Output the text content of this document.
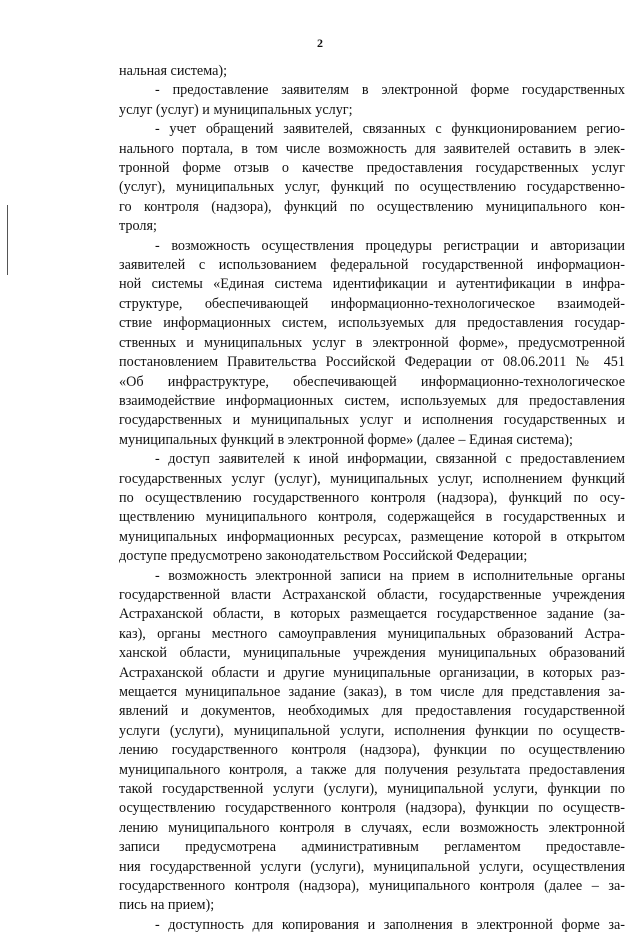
2
нальная система);
- предоставление заявителям в электронной форме государственных
услуг (услуг) и муниципальных услуг;
- учет обращений заявителей, связанных с функционированием регио-
нального портала, в том числе возможность для заявителей оставить в элек-
тронной форме отзыв о качестве предоставления государственных услуг
(услуг), муниципальных услуг, функций по осуществлению государственно-
го контроля (надзора), функций по осуществлению муниципального кон-
троля;
- возможность осуществления процедуры регистрации и авторизации
заявителей с использованием федеральной государственной информацион-
ной системы «Единая система идентификации и аутентификации в инфра-
структуре, обеспечивающей информационно-технологическое взаимодей-
ствие информационных систем, используемых для предоставления государ-
ственных и муниципальных услуг в электронной форме», предусмотренной
постановлением Правительства Российской Федерации от 08.06.2011 № 451
«Об инфраструктуре, обеспечивающей информационно-технологическое
взаимодействие информационных систем, используемых для предоставления
государственных и муниципальных услуг и исполнения государственных и
муниципальных функций в электронной форме» (далее – Единая система);
- доступ заявителей к иной информации, связанной с предоставлением
государственных услуг (услуг), муниципальных услуг, исполнением функций
по осуществлению государственного контроля (надзора), функций по осу-
ществлению муниципального контроля, содержащейся в государственных и
муниципальных информационных ресурсах, размещение которой в открытом
доступе предусмотрено законодательством Российской Федерации;
- возможность электронной записи на прием в исполнительные органы
государственной власти Астраханской области, государственные учреждения
Астраханской области, в которых размещается государственное задание (за-
каз), органы местного самоуправления муниципальных образований Астра-
ханской области, муниципальные учреждения муниципальных образований
Астраханской области и другие муниципальные организации, в которых раз-
мещается муниципальное задание (заказ), в том числе для представления за-
явлений и документов, необходимых для предоставления государственной
услуги (услуги), муниципальной услуги, исполнения функции по осуществ-
лению государственного контроля (надзора), функции по осуществлению
муниципального контроля, а также для получения результата предоставления
такой государственной услуги (услуги), муниципальной услуги, функции по
осуществлению государственного контроля (надзора), функции по осуществ-
лению муниципального контроля в случаях, если возможность электронной
записи предусмотрена административным регламентом предоставле-
ния государственной услуги (услуги), муниципальной услуги, осуществления
государственного контроля (надзора), муниципального контроля (далее – за-
пись на прием);
- доступность для копирования и заполнения в электронной форме за-
